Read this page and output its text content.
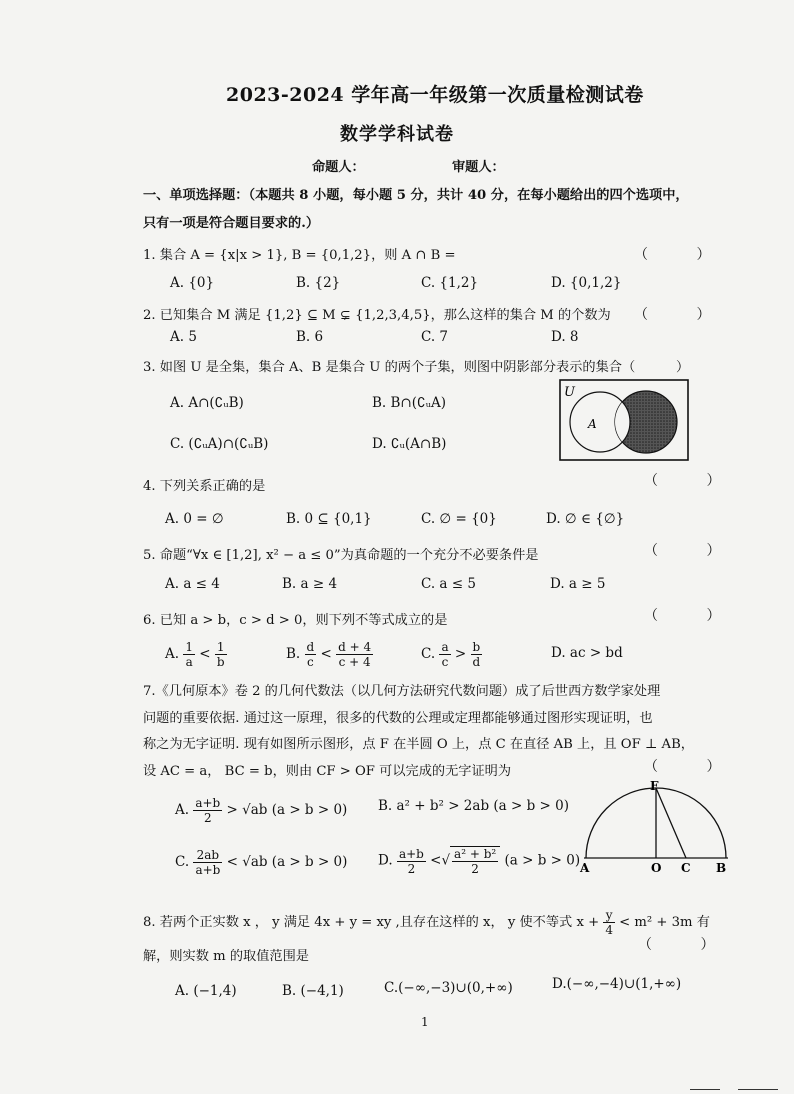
2023-2024 学年高一年级第一次质量检测试卷
数学学科试卷
命题人：	审题人：
一、单项选择题：（本题共 8 小题，每小题 5 分，共计 40 分，在每小题给出的四个选项中，
只有一项是符合题目要求的.）
1. 集合 A = {x|x > 1}, B = {0,1,2}，则 A ∩ B =	（ ）
A. {0}	B. {2}	C. {1,2}	D. {0,1,2}
2. 已知集合 M 满足 {1,2} ⊆ M ⊊ {1,2,3,4,5}，那么这样的集合 M 的个数为 （ ）
A. 5	B. 6	C. 7	D. 8
3. 如图 U 是全集，集合 A、B 是集合 U 的两个子集，则图中阴影部分表示的集合（	）
A. A∩(∁ᵤB)	B. B∩(∁ᵤA)
C. (∁ᵤA)∩(∁ᵤB)	D. ∁ᵤ(A∩B)
U
A
4. 下列关系正确的是	（ ）
A. 0 = ∅	B. 0 ⊆ {0,1}	C. ∅ = {0}	D. ∅ ∈ {∅}
5. 命题“∀x ∈ [1,2], x² − a ≤ 0”为真命题的一个充分不必要条件是	（ ）
A. a ≤ 4	B. a ≥ 4	C. a ≤ 5	D. a ≥ 5
6. 已知 a > b，c > d > 0，则下列不等式成立的是	（ ）
A. $\frac{1}{a} < \frac{1}{b}$	B. $\frac{d}{c} < \frac{d + 4}{c + 4}$	C. $\frac{a}{c} > \frac{b}{d}$	D. ac > bd
7.《几何原本》卷 2 的几何代数法（以几何方法研究代数问题）成了后世西方数学家处理
问题的重要依据. 通过这一原理，很多的代数的公理或定理都能够通过图形实现证明，也
称之为无字证明. 现有如图所示图形，点 F 在半圆 O 上，点 C 在直径 AB 上，且 OF ⊥ AB，
设 AC = a， BC = b，则由 CF > OF 可以完成的无字证明为	（ ）
A. $\frac{a+b}{2} > √ab$ (a > b > 0) B. a² + b² > 2ab (a > b > 0)
C. $\frac{2ab}{a+b} < √ab$ (a > b > 0) D. $\frac{a+b}{2}$ <√ $\frac{\text{a² + b²}}{2} (a > b > 0)$
F
A	O C B
8. 若两个正实数 x ， y 满足 4x + y = xy ,且存在这样的 x， y 使不等式 $x + \frac{y}{4} < m^2 + 3m$ 有
（ ）
解，则实数 m 的取值范围是
A. (−1,4)	B. (−4,1)	C.(−∞,−3)∪(0,+∞)	D.(−∞,−4)∪(1,+∞)
1
